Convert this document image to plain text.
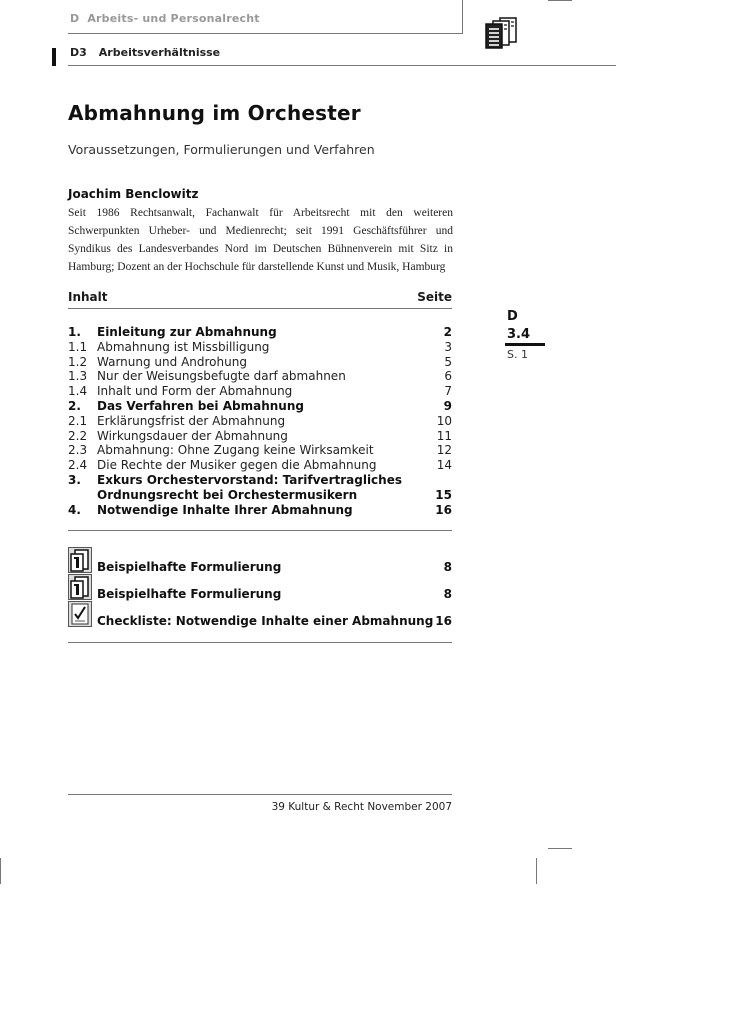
D Arbeits- und Personalrecht
D3 Arbeitsverhältnisse
Abmahnung im Orchester
Voraussetzungen, Formulierungen und Verfahren
Joachim Benclowitz
Seit 1986 Rechtsanwalt, Fachanwalt für Arbeitsrecht mit den weiteren Schwerpunkten Urheber- und Medienrecht; seit 1991 Geschäftsführer und Syndikus des Landesverbandes Nord im Deutschen Bühnenverein mit Sitz in Hamburg; Dozent an der Hochschule für darstellende Kunst und Musik, Hamburg
Inhalt	Seite
1. Einleitung zur Abmahnung	2
1.1 Abmahnung ist Missbilligung	3
1.2 Warnung und Androhung	5
1.3 Nur der Weisungsbefugte darf abmahnen	6
1.4 Inhalt und Form der Abmahnung	7
2. Das Verfahren bei Abmahnung	9
2.1 Erklärungsfrist der Abmahnung	10
2.2 Wirkungsdauer der Abmahnung	11
2.3 Abmahnung: Ohne Zugang keine Wirksamkeit	12
2.4 Die Rechte der Musiker gegen die Abmahnung	14
3. Exkurs Orchestervorstand: Tarifvertragliches
Ordnungsrecht bei Orchestermusikern	15
4. Notwendige Inhalte Ihrer Abmahnung	16
Beispielhafte Formulierung	8
Beispielhafte Formulierung	8
Checkliste: Notwendige Inhalte einer Abmahnung 16
D
3.4
S. 1
39 Kultur & Recht November 2007
